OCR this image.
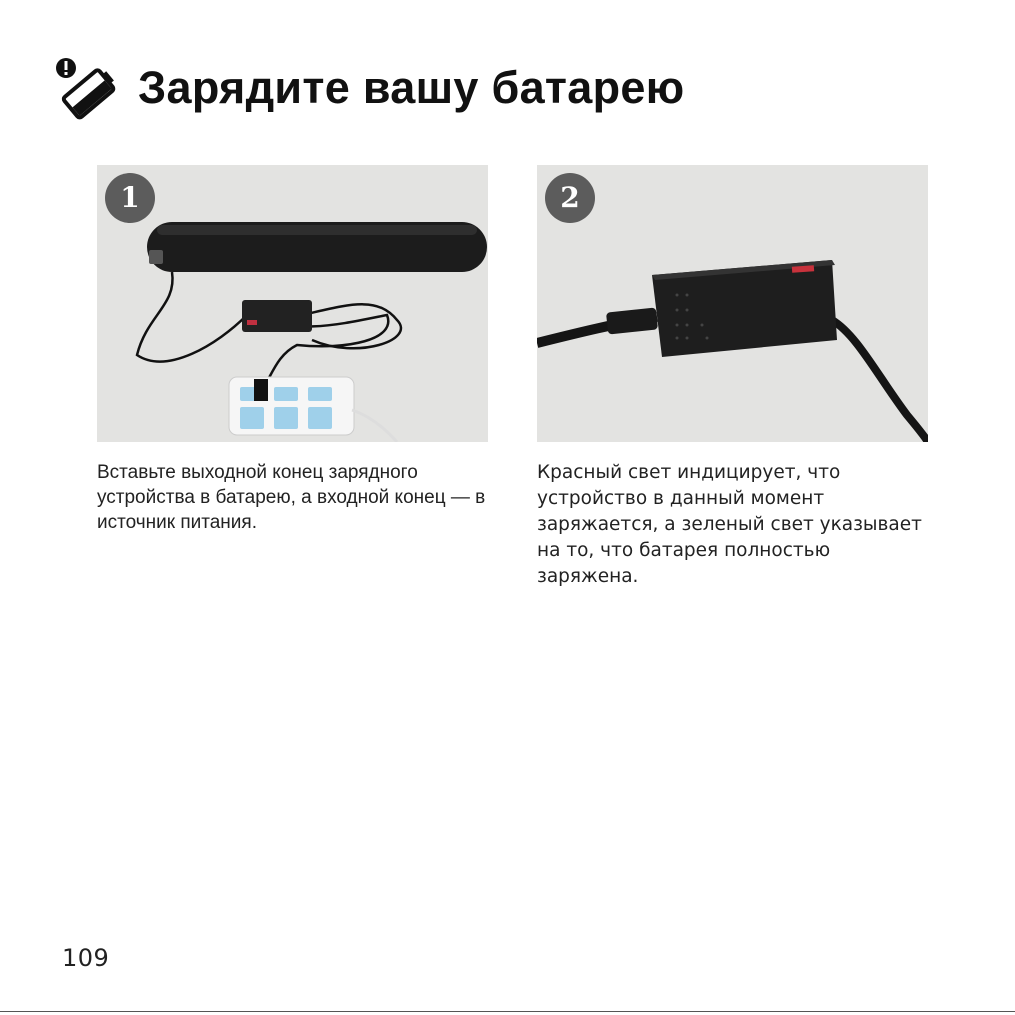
Зарядите вашу батарею
1	2

Вставьте выходной конец зарядного устройства в батарею, а входной конец — в источник питания.

Красный свет индицирует, что устройство в данный момент заряжается, а зеленый свет указывает на то, что батарея полностью заряжена.

109
